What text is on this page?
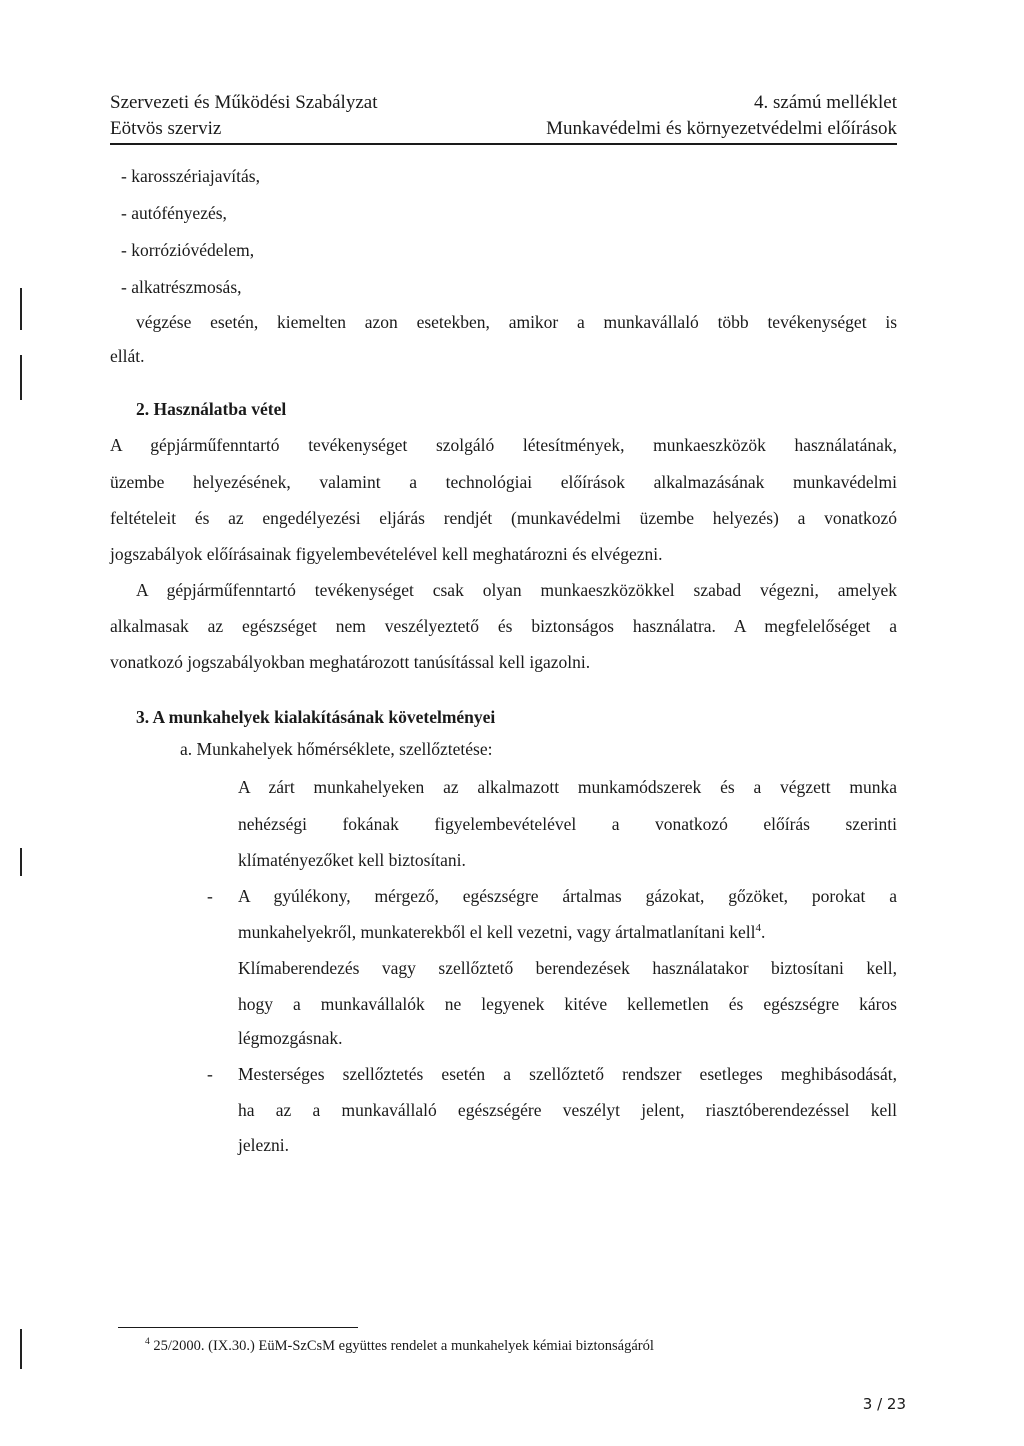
Szervezeti és Működési Szabályzat
Eötvös szerviz
4. számú melléklet
Munkavédelmi és környezetvédelmi előírások
- karosszériajavítás,
- autófényezés,
- korrózióvédelem,
- alkatrészmosás,
végzése esetén, kiemelten azon esetekben, amikor a munkavállaló több tevékenységet is
ellát.
2. Használatba vétel
A gépjárműfenntartó tevékenységet szolgáló létesítmények, munkaeszközök használatának,
üzembe helyezésének, valamint a technológiai előírások alkalmazásának munkavédelmi
feltételeit és az engedélyezési eljárás rendjét (munkavédelmi üzembe helyezés) a vonatkozó
jogszabályok előírásainak figyelembevételével kell meghatározni és elvégezni.
A gépjárműfenntartó tevékenységet csak olyan munkaeszközökkel szabad végezni, amelyek
alkalmasak az egészséget nem veszélyeztető és biztonságos használatra. A megfelelőséget a
vonatkozó jogszabályokban meghatározott tanúsítással kell igazolni.
3. A munkahelyek kialakításának követelményei
a. Munkahelyek hőmérséklete, szellőztetése:
A zárt munkahelyeken az alkalmazott munkamódszerek és a végzett munka
nehézségi fokának figyelembevételével a vonatkozó előírás szerinti
klímatényezőket kell biztosítani.
- A gyúlékony, mérgező, egészségre ártalmas gázokat, gőzöket, porokat a
munkahelyekről, munkaterekből el kell vezetni, vagy ártalmatlanítani kell$^4$.
Klímaberendezés vagy szellőztető berendezések használatakor biztosítani kell,
hogy a munkavállalók ne legyenek kitéve kellemetlen és egészségre káros
légmozgásnak.
- Mesterséges szellőztetés esetén a szellőztető rendszer esetleges meghibásodását,
ha az a munkavállaló egészségére veszélyt jelent, riasztóberendezéssel kell
jelezni.
$^4$ 25/2000. (IX.30.) EüM-SzCsM együttes rendelet a munkahelyek kémiai biztonságáról
3 / 23
